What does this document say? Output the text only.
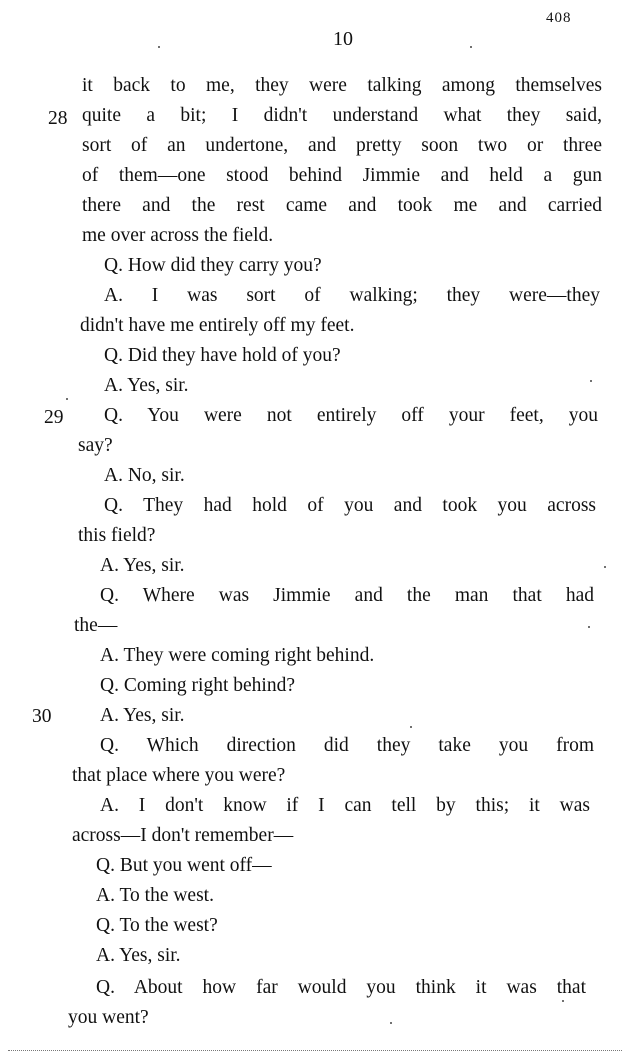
10
408
28
29
30
it back to me, they were talking among themselves
quite a bit; I didn't understand what they said,
sort of an undertone, and pretty soon two or three
of them—one stood behind Jimmie and held a gun
there and the rest came and took me and carried
me over across the field.
Q. How did they carry you?
A. I was sort of walking; they were—they
didn't have me entirely off my feet.
Q. Did they have hold of you?
A. Yes, sir.
Q. You were not entirely off your feet, you
say?
A. No, sir.
Q. They had hold of you and took you across
this field?
A. Yes, sir.
Q. Where was Jimmie and the man that had
the—
A. They were coming right behind.
Q. Coming right behind?
A. Yes, sir.
Q. Which direction did they take you from
that place where you were?
A. I don't know if I can tell by this; it was
across—I don't remember—
Q. But you went off—
A. To the west.
Q. To the west?
A. Yes, sir.
Q. About how far would you think it was that
you went?
